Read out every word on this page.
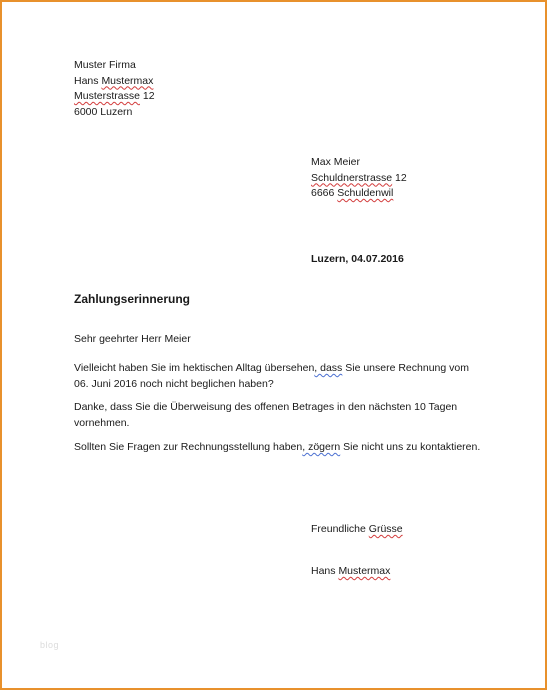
Muster Firma
Hans Mustermax
Musterstrasse 12
6000 Luzern
Max Meier
Schuldnerstrasse 12
6666 Schuldenwil
Luzern, 04.07.2016
Zahlungserinnerung
Sehr geehrter Herr Meier
Vielleicht haben Sie im hektischen Alltag übersehen, dass Sie unsere Rechnung vom 06. Juni 2016 noch nicht beglichen haben?
Danke, dass Sie die Überweisung des offenen Betrages in den nächsten 10 Tagen vornehmen.
Sollten Sie Fragen zur Rechnungsstellung haben, zögern Sie nicht uns zu kontaktieren.
Freundliche Grüsse
Hans Mustermax
blog
